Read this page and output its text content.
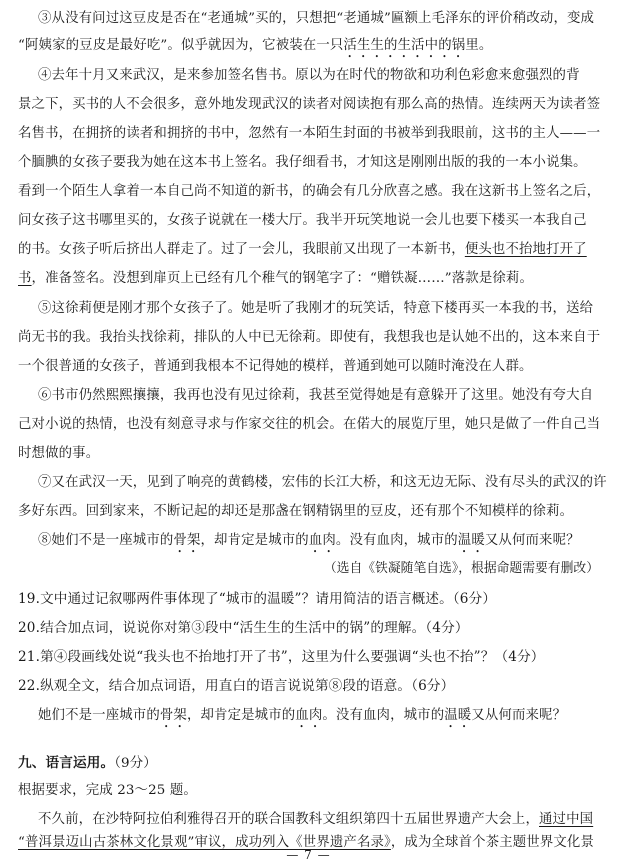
③从没有问过这豆皮是否在“老通城”买的，只想把“老通城”匾额上毛泽东的评价稍改动，变成
“阿姨家的豆皮是最好吃”。似乎就因为，它被装在一只活生生的生活中的锅里。
④去年十月又来武汉，是来参加签名售书。原以为在时代的物欲和功利色彩愈来愈强烈的背
景之下，买书的人不会很多，意外地发现武汉的读者对阅读抱有那么高的热情。连续两天为读者签
名售书，在拥挤的读者和拥挤的书中，忽然有一本陌生封面的书被举到我眼前，这书的主人——一
个腼腆的女孩子要我为她在这本书上签名。我仔细看书，才知这是刚刚出版的我的一本小说集。
看到一个陌生人拿着一本自己尚不知道的新书，的确会有几分欣喜之感。我在这新书上签名之后，
问女孩子这书哪里买的，女孩子说就在一楼大厅。我半开玩笑地说一会儿也要下楼买一本我自己
的书。女孩子听后挤出人群走了。过了一会儿，我眼前又出现了一本新书，便头也不抬地打开了
书，准备签名。没想到扉页上已经有几个稚气的钢笔字了：“赠铁凝……”落款是徐莉。
⑤这徐莉便是刚才那个女孩子了。她是听了我刚才的玩笑话，特意下楼再买一本我的书，送给
尚无书的我。我抬头找徐莉，排队的人中已无徐莉。即使有，我想我也是认她不出的，这本来自于
一个很普通的女孩子，普通到我根本不记得她的模样，普通到她可以随时淹没在人群。
⑥书市仍然熙熙攘攘，我再也没有见过徐莉，我甚至觉得她是有意躲开了这里。她没有夸大自
己对小说的热情，也没有刻意寻求与作家交往的机会。在偌大的展览厅里，她只是做了一件自己当
时想做的事。
⑦又在武汉一天，见到了响亮的黄鹤楼，宏伟的长江大桥，和这无边无际、没有尽头的武汉的许
多好东西。回到家来，不断记起的却还是那盏在钢精锅里的豆皮，还有那个不知模样的徐莉。
⑧她们不是一座城市的骨架，却肯定是城市的血肉。没有血肉，城市的温暖又从何而来呢？
（选自《铁凝随笔自选》，根据命题需要有删改）
19.文中通过记叙哪两件事体现了“城市的温暖”？请用简洁的语言概述。（6分）
20.结合加点词，说说你对第③段中“活生生的生活中的锅”的理解。（4分）
21.第④段画线处说“我头也不抬地打开了书”，这里为什么要强调“头也不抬”？（4分）
22.纵观全文，结合加点词语，用直白的语言说说第⑧段的语意。（6分）
她们不是一座城市的骨架，却肯定是城市的血肉。没有血肉，城市的温暖又从何而来呢？
九、语言运用。（9分）
根据要求，完成 23～25 题。
不久前，在沙特阿拉伯利雅得召开的联合国教科文组织第四十五届世界遗产大会上，通过中国
“普洱景迈山古茶林文化景观”审议，成功列入《世界遗产名录》，成为全球首个茶主题世界文化景
— 7 —
